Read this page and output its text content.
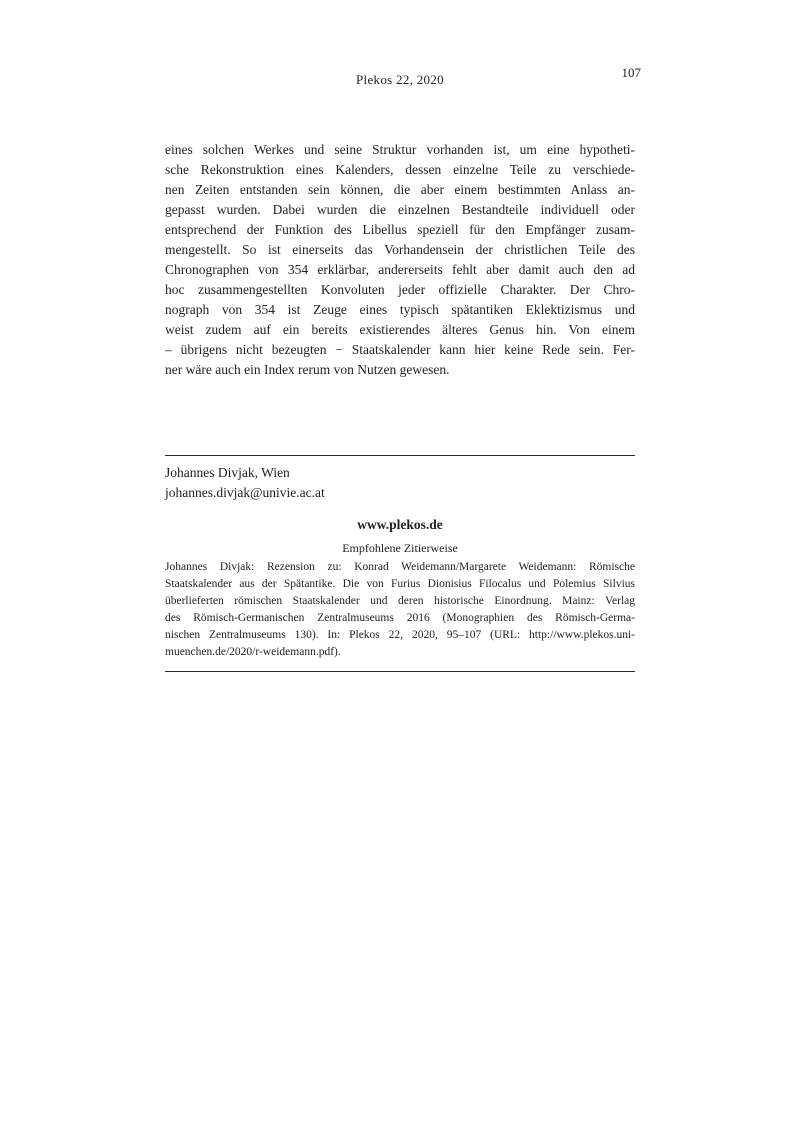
Plekos 22, 2020	107
eines solchen Werkes und seine Struktur vorhanden ist, um eine hypotheti-
sche Rekonstruktion eines Kalenders, dessen einzelne Teile zu verschiede-
nen Zeiten entstanden sein können, die aber einem bestimmten Anlass an-
gepasst wurden. Dabei wurden die einzelnen Bestandteile individuell oder
entsprechend der Funktion des Libellus speziell für den Empfänger zusam-
mengestellt. So ist einerseits das Vorhandensein der christlichen Teile des
Chronographen von 354 erklärbar, andererseits fehlt aber damit auch den ad
hoc zusammengestellten Konvoluten jeder offizielle Charakter. Der Chro-
nograph von 354 ist Zeuge eines typisch spätantiken Eklektizismus und
weist zudem auf ein bereits existierendes älteres Genus hin. Von einem
– übrigens nicht bezeugten − Staatskalender kann hier keine Rede sein. Fer-
ner wäre auch ein Index rerum von Nutzen gewesen.
Johannes Divjak, Wien
johannes.divjak@univie.ac.at
www.plekos.de
Empfohlene Zitierweise
Johannes Divjak: Rezension zu: Konrad Weidemann/Margarete Weidemann: Römische
Staatskalender aus der Spätantike. Die von Furius Dionisius Filocalus und Polemius Silvius
überlieferten römischen Staatskalender und deren historische Einordnung. Mainz: Verlag
des Römisch-Germanischen Zentralmuseums 2016 (Monographien des Römisch-Germa-
nischen Zentralmuseums 130). In: Plekos 22, 2020, 95–107 (URL: http://www.plekos.uni-
muenchen.de/2020/r-weidemann.pdf).
